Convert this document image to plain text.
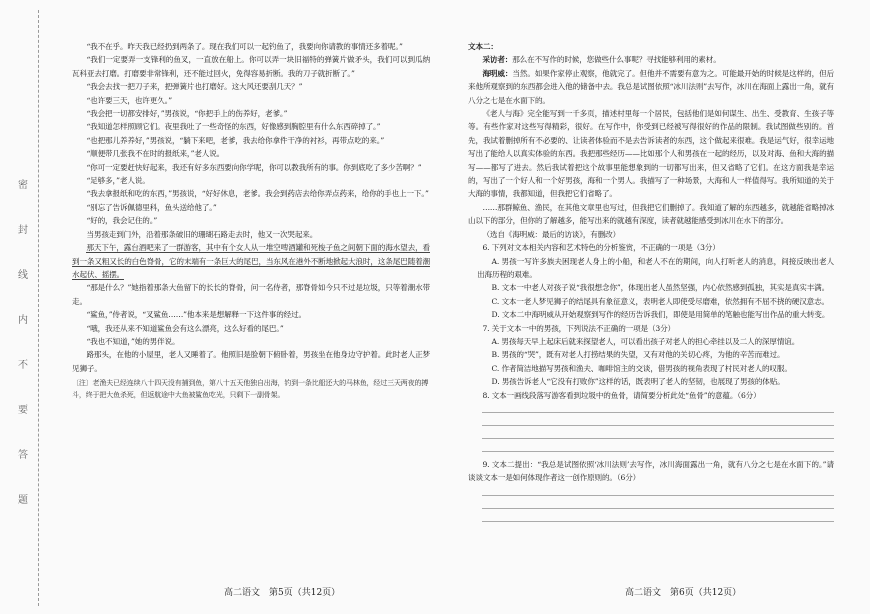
密
封
线
内
不
要
答
题

“我不在乎。昨天我已经扔到两条了。现在我们可以一起钓鱼了，我要向你请教的事情还多着呢。”

“我们一定要弄一支锋利的鱼叉，一直放在船上。你可以弄一块旧福特的弹簧片做矛头，我们可以到瓜纳瓦科亚去打磨。打磨要非常锋利，还不能过回火，免得容易折断。我的刀子就折断了。”

“我会去找一把刀子来，把弹簧片也打磨好。这大风还要刮几天？”

“也许要三天，也许更久。”

“我会把一切都安排好，”男孩说，“你把手上的伤养好，老爹。”

“我知道怎样照顾它们。夜里我吐了一些奇怪的东西，好像感到胸腔里有什么东西碎掉了。”

“也把那儿养养好，”男孩说，“躺下来吧，老爹，我去给你拿件干净的衬衫，再带点吃的来。”

“顺便带几张我不在时的报纸来，”老人说。

“你可一定要赶快好起来，我还有好多东西要向你学呢，你可以教我所有的事。你到底吃了多少苦啊？”

“足够多，”老人说。

“我去拿报纸和吃的东西，”男孩说，“好好休息，老爹。我会到药店去给你弄点药来，给你的手也上一下。”

“别忘了告诉佩德里科，鱼头送给他了。”

“好的，我会记住的。”

当男孩走到门外，沿着那条破旧的珊瑚石路走去时，他又一次哭起来。

那天下午，露台酒吧来了一群游客，其中有个女人从一堆空啤酒罐和死梭子鱼之间朝下面的海水望去，看到一条又粗又长的白色脊骨，它的末端有一条巨大的尾巴，当东风在港外不断地掀起大浪时，这条尾巴随着潮水起伏、摇摆。

“那是什么？”她指着那条大鱼留下的长长的脊骨，问一名侍者，那脊骨如今只不过是垃圾，只等着潮水带走。

“鲨鱼，”侍者说，“叉鲨鱼……”他本来是想解释一下这件事的经过。

“哦，我还从来不知道鲨鱼会有这么漂亮，这么好看的尾巴。”

“我也不知道，”她的男伴说。

路那头，在他的小屋里，老人又睡着了。他照旧是脸朝下俯卧着，男孩坐在他身边守护着。此时老人正梦见狮子。

〔注〕老渔夫已经连续八十四天没有捕到鱼，第八十五天他独自出海，钓到一条比船还大的马林鱼，经过三天两夜的搏斗，终于把大鱼杀死，但返航途中大鱼被鲨鱼吃光，只剩下一副骨架。

文本二：

采访者：那么在不写作的时候，您做些什么事呢？寻找能够利用的素材。

海明威：当然。如果作家停止观察，他就完了。但他并不需要有意为之。可能最开始的时候是这样的，但后来他所观察到的东西都会进入他的储备中去。我总是试图依照“冰川法则”去写作，冰川在海面上露出一角，就有八分之七是在水面下的。

《老人与海》完全能写到一千多页，描述村里每一个居民，包括他们是如何谋生、出生、受教育、生孩子等等。有些作家对这些写得精彩，很好。在写作中，你受到已经被写得很好的作品的限制。我试图做些别的。首先，我试着删掉所有不必要的、让读者体验而不是去告诉读者的东西，这个做起来很难。我是运气好，很幸运地写出了能给人以真实体验的东西。我把那些经历——比如那个人和男孩在一起的经历，以及对海、鱼和大海的描写——都写了进去。然后我试着把这个故事里能想象到的一切都写出来，但又省略了它们。在这方面我是幸运的，写出了一个好人和一个好男孩，海和一个男人。我描写了一种场景，大海和人一样值得写。我所知道的关于大海的事情，我都知道，但我把它们省略了。

……那群鲸鱼、渔民，在其他文章里也写过，但我把它们删掉了。我知道了解的东西越多，就越能省略掉冰山以下的部分，但你的了解越多，能写出来的就越有深度，读者就越能感受到冰川在水下的部分。

（选自《海明威：最后的访谈》，有删改）

6. 下列对文本相关内容和艺术特色的分析鉴赏，不正确的一项是（3分）

A. 男孩一写许多族夫困现老人身上的小船，和老人不在的期间，向人打听老人的消息，间接反映出老人出海历程的艰难。

B. 文本一中老人对孩子说“我很想念你”，体现出老人虽然坚强，内心依然感到孤独，其实是真实丰满。

C. 文本一老人梦见狮子的结尾具有象征意义，表明老人即使受尽磨难，依然拥有不屈不挠的硬汉意志。

D. 文本二中海明威从开始观察到写作的经历告诉我们，即使是用简单的笔触也能写出作品的重大转变。

7. 关于文本一中的男孩，下列说法不正确的一项是（3分）

A. 男孩每天早上起床后就来探望老人，可以看出孩子对老人的担心牵挂以及二人的深厚情谊。

B. 男孩的“哭”，既有对老人打捞结果的失望，又有对他的关切心疼，为他的辛苦而难过。

C. 作者简洁地描写男孩和渔夫、咖啡馆主的交谈，借男孩的视角表现了村民对老人的叹服。

D. 男孩告诉老人“它没有打败你”这样的话，既表明了老人的坚韧，也展现了男孩的体贴。

8. 文本一画线段落写游客看到垃圾中的鱼骨，请简要分析此处“鱼骨”的意蕴。（6分）

9. 文本二提出：“我总是试图依照‘冰川法则’去写作，冰川海面露出一角，就有八分之七是在水面下的。”请谈谈文本一是如何体现作者这一创作原则的。（6分）

高二语文　第5页（共12页）	高二语文　第6页（共12页）
